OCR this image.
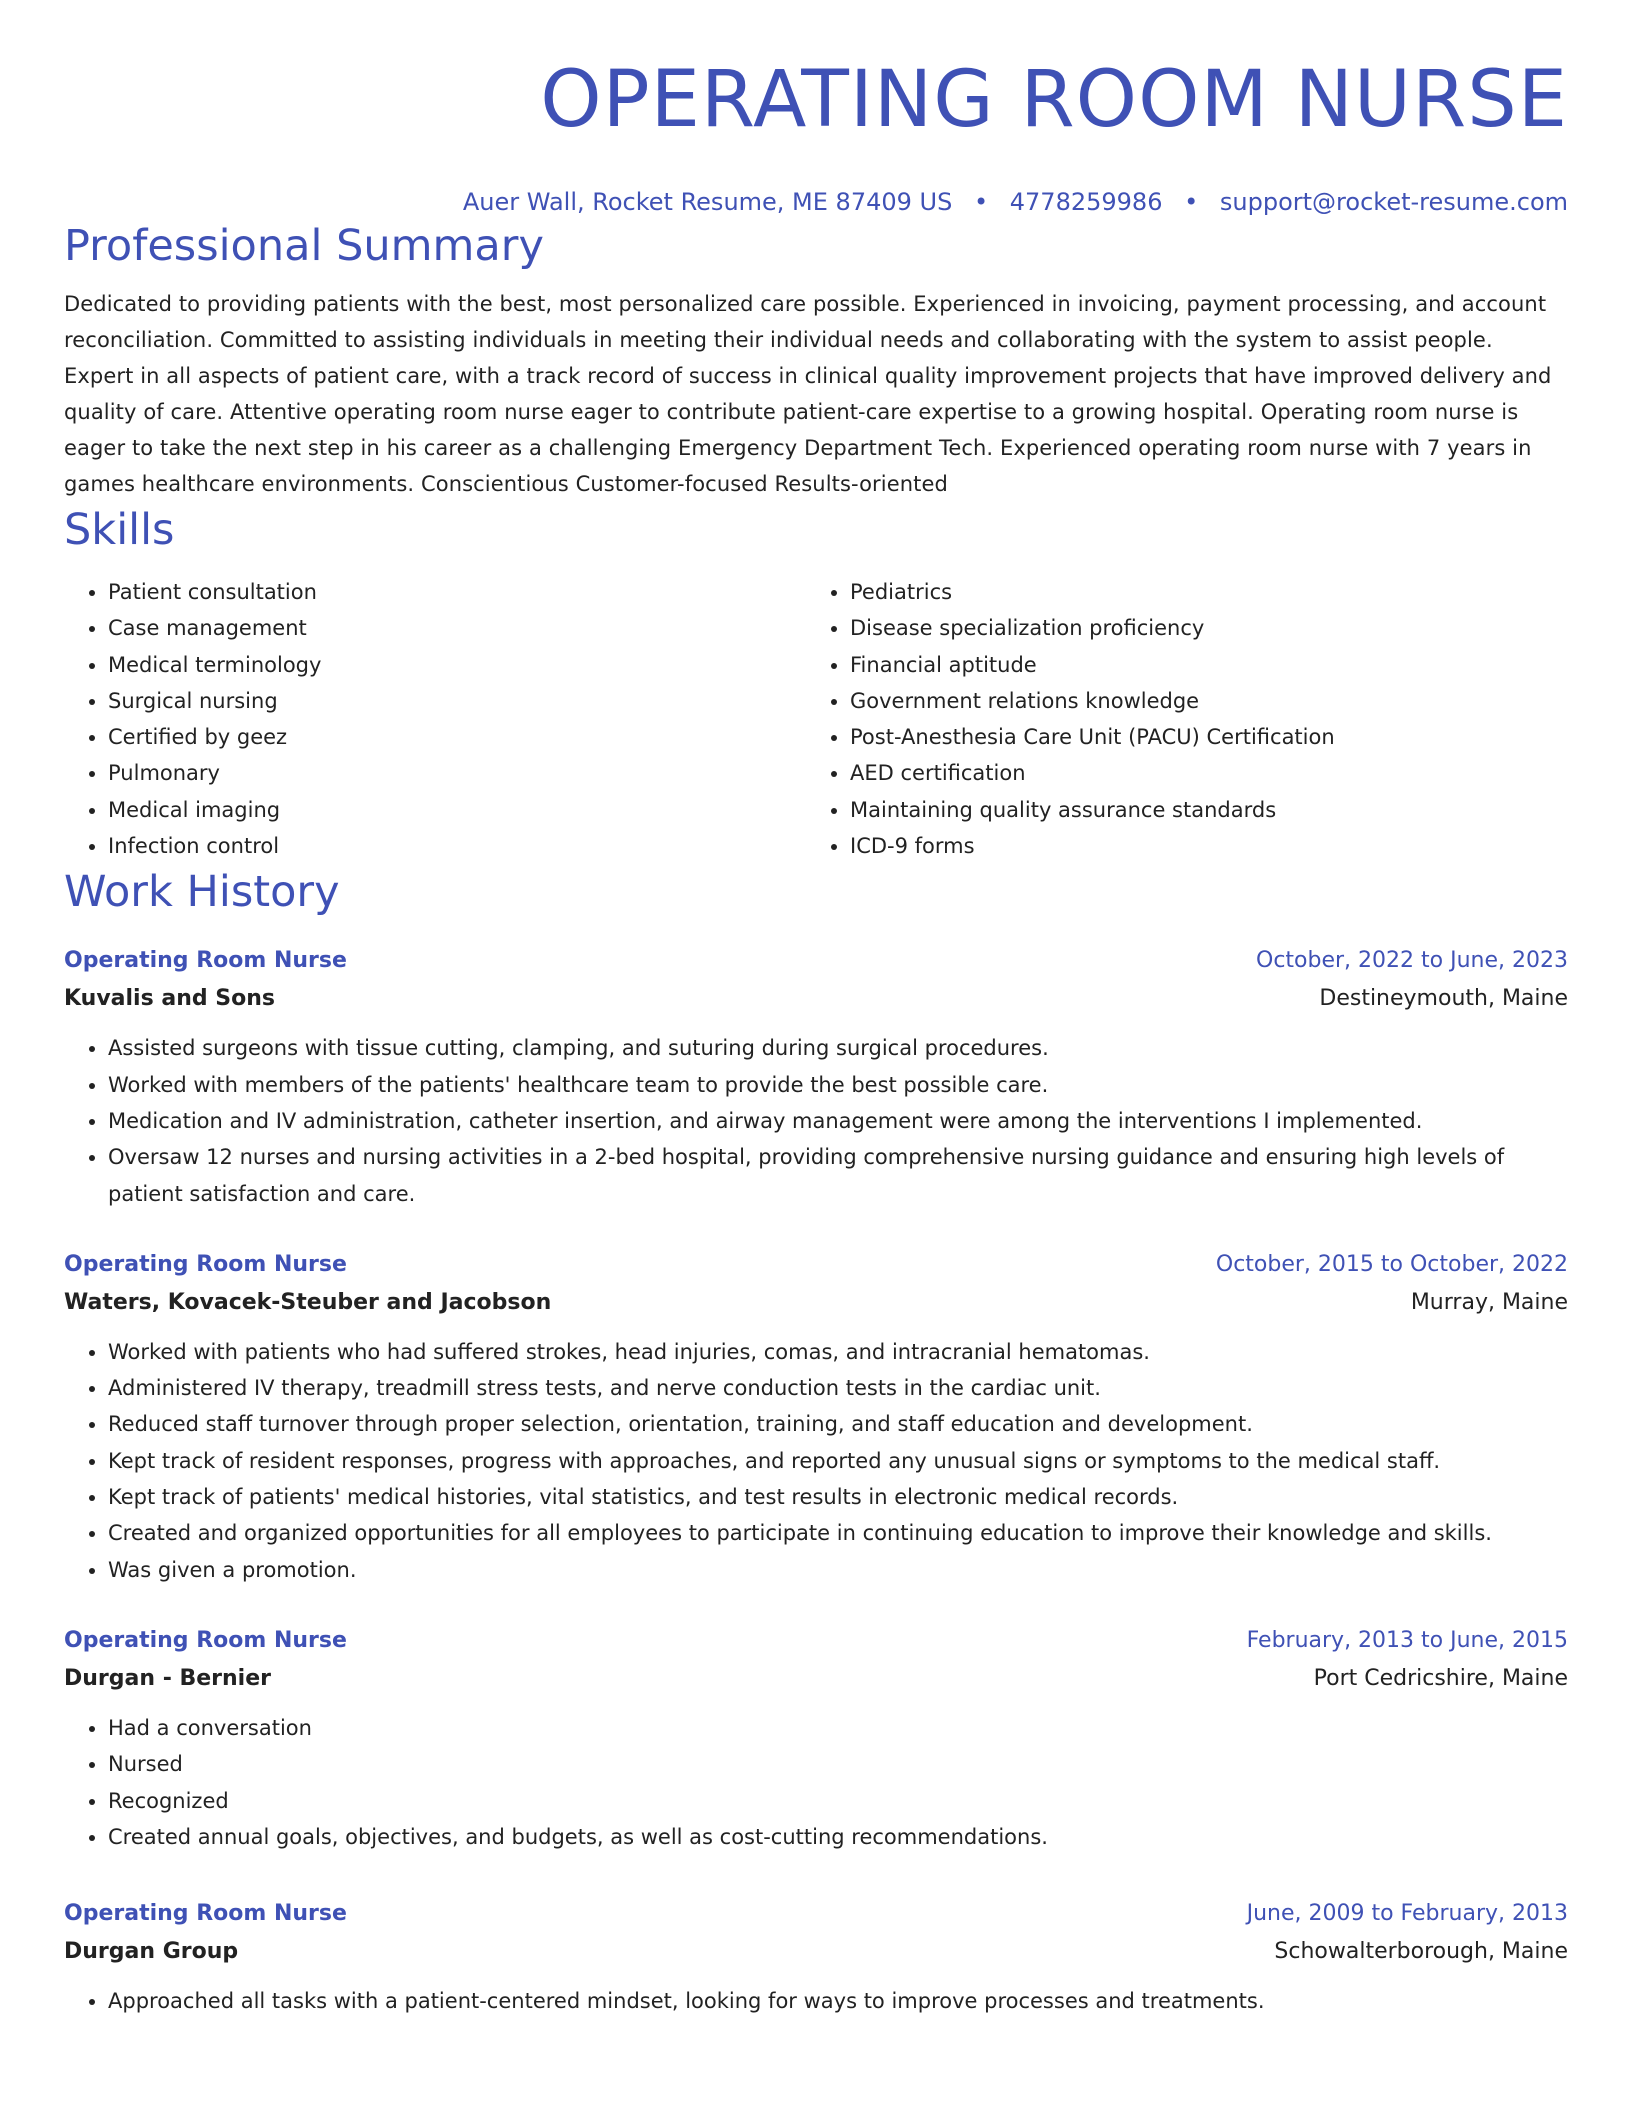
OPERATING ROOM NURSE
Auer Wall, Rocket Resume, ME 87409 US • 4778259986 • support@rocket-resume.com
Professional Summary
Dedicated to providing patients with the best, most personalized care possible. Experienced in invoicing, payment processing, and account reconciliation. Committed to assisting individuals in meeting their individual needs and collaborating with the system to assist people. Expert in all aspects of patient care, with a track record of success in clinical quality improvement projects that have improved delivery and quality of care. Attentive operating room nurse eager to contribute patient-care expertise to a growing hospital. Operating room nurse is eager to take the next step in his career as a challenging Emergency Department Tech. Experienced operating room nurse with 7 years in games healthcare environments. Conscientious Customer-focused Results-oriented
Skills
• Patient consultation
• Case management
• Medical terminology
• Surgical nursing
• Certified by geez
• Pulmonary
• Medical imaging
• Infection control
• Pediatrics
• Disease specialization proficiency
• Financial aptitude
• Government relations knowledge
• Post-Anesthesia Care Unit (PACU) Certification
• AED certification
• Maintaining quality assurance standards
• ICD-9 forms
Work History
Operating Room Nurse	October, 2022 to June, 2023
Kuvalis and Sons	Destineymouth, Maine
• Assisted surgeons with tissue cutting, clamping, and suturing during surgical procedures.
• Worked with members of the patients' healthcare team to provide the best possible care.
• Medication and IV administration, catheter insertion, and airway management were among the interventions I implemented.
• Oversaw 12 nurses and nursing activities in a 2-bed hospital, providing comprehensive nursing guidance and ensuring high levels of patient satisfaction and care.
Operating Room Nurse	October, 2015 to October, 2022
Waters, Kovacek-Steuber and Jacobson	Murray, Maine
• Worked with patients who had suffered strokes, head injuries, comas, and intracranial hematomas.
• Administered IV therapy, treadmill stress tests, and nerve conduction tests in the cardiac unit.
• Reduced staff turnover through proper selection, orientation, training, and staff education and development.
• Kept track of resident responses, progress with approaches, and reported any unusual signs or symptoms to the medical staff.
• Kept track of patients' medical histories, vital statistics, and test results in electronic medical records.
• Created and organized opportunities for all employees to participate in continuing education to improve their knowledge and skills.
• Was given a promotion.
Operating Room Nurse	February, 2013 to June, 2015
Durgan - Bernier	Port Cedricshire, Maine
• Had a conversation
• Nursed
• Recognized
• Created annual goals, objectives, and budgets, as well as cost-cutting recommendations.
Operating Room Nurse	June, 2009 to February, 2013
Durgan Group	Schowalterborough, Maine
• Approached all tasks with a patient-centered mindset, looking for ways to improve processes and treatments.
